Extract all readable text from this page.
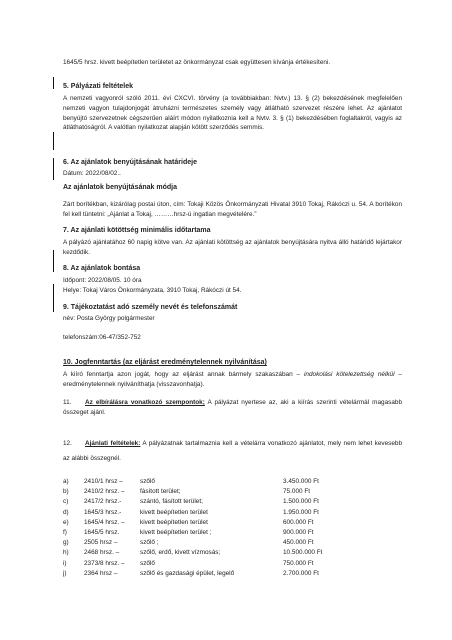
1645/5 hrsz. kivett beépítetlen területet az önkormányzat csak együttesen kívánja értékesíteni.

5. Pályázati feltételek

A nemzeti vagyonról szóló 2011. évi CXCVI. törvény (a továbbiakban: Nvtv.) 13. § (2) bekezdésének megfelelően nemzeti vagyon tulajdonjogát átruházni természetes személy vagy átlátható szervezet részére lehet. Az ajánlatot benyújtó szervezetnek cégszerűen aláírt módon nyilatkoznia kell a Nvtv. 3. § (1) bekezdésében foglaltakról, vagyis az átláthatóságról. A valótlan nyilatkozat alapján kötött szerződés semmis.

6. Az ajánlatok benyújtásának határideje

Dátum: 2022/08/02..

Az ajánlatok benyújtásának módja

Zárt borítékban, kizárólag postai úton, cím: Tokaji Közös Önkormányzati Hivatal 3910 Tokaj, Rákóczi u. 54. A borítékon fel kell tüntetni: „Ajánlat a Tokaj, ………hrsz-ú ingatlan megvételére.”

7. Az ajánlati kötöttség minimális időtartama

A pályázó ajánlatához 60 napig kötve van. Az ajánlati kötöttség az ajánlatok benyújtására nyitva álló határidő lejártakor kezdődik.

8. Az ajánlatok bontása

Időpont: 2022/08/05. 10 óra

Helye: Tokaj Város Önkormányzata, 3910 Tokaj, Rákóczi út 54.

9. Tájékoztatást adó személy nevét és telefonszámát

név: Posta György polgármester

telefonszám:06-47/352-752

10. Jogfenntartás (az eljárást eredménytelennek nyilvánítása)

A kiíró fenntartja azon jogát, hogy az eljárást annak bármely szakaszában – indokolási kötelezettség nélkül – eredménytelennek nyilváníthatja (visszavonhatja).

11. Az elbírálásra vonatkozó szempontok; A pályázat nyertese az, aki a kiírás szerinti vételármál magasabb összeget ajánl.

12. Ajánlati feltételek: A pályázatnak tartalmaznia kell a vételárra vonatkozó ajánlatot, mely nem lehet kevesebb az alábbi összegnél.

a) 2410/1 hrsz –	szőlő	3.450.000 Ft
b) 2410/2 hrsz. – fásított terület;	75.000 Ft
c) 2417/2 hrsz.-	szántó, fásított terület;	1.500.000 Ft
d) 1645/3 hrsz.-	kivett beépítetlen terület	1.950.000 Ft
e) 1645/4 hrsz. – kivett beépítetlen terület	600.000 Ft
f)	1645/5 hrsz.	kivett beépítetlen terület ;	900.000 Ft
g) 2505 hrsz –	szőlő ;	450.000 Ft
h) 2468 hrsz. –	szőlő, erdő, kivett vízmosás;	10.500.000 Ft
i)	2373/8 hrsz. – szőlő	750.000 Ft
j)	2364 hrsz –	szőlő és gazdasági épület, legelő	2.700.000 Ft
